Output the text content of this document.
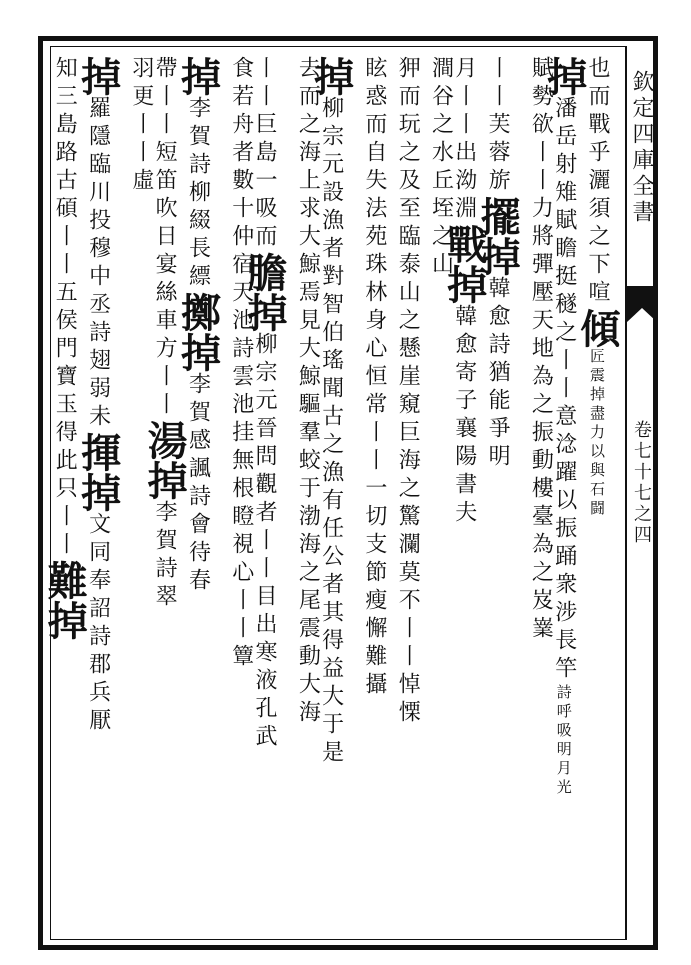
欽定四庫全書
卷七十七之四
也而戰乎灑須之下喧傾匠震掉盡力以與石闘
掉潘岳射雉賦瞻挺穟之丨丨意淰躍以振踊衆涉長竿詩呼吸明月光
賦勢欲丨丨力將彈壓天地為之振動樓臺為之岌嶪
丨丨芙蓉旂擺掉韓愈詩猶能爭明
月丨丨出泑淵戰掉韓愈寄子襄陽書夫
澗谷之水丘垤之山
狎而玩之及至臨泰山之懸崖窺巨海之驚瀾莫不丨丨悼慄
眩惑而自失法苑珠林身心恒常丨丨一切支節瘦懈難攝
掉柳宗元設漁者對智伯瑤聞古之漁有任公者其得益大于是
去而之海上求大鯨焉見大鯨驅羣蛟于渤海之尾震動大海
丨丨巨島一吸而膽掉柳宗元晉問觀者丨丨目出寒液孔武
食若舟者數十仲宿天池詩雲池挂無根瞪視心丨丨簟
掉李賀詩柳綴長縹擲掉李賀感諷詩會待春
帶丨丨短笛吹日宴絲車方丨丨湯掉李賀詩翠
羽更丨丨虛
掉羅隱臨川投穆中丞詩翅弱未揮掉文同奉詔詩郡兵厭
知三島路古碩丨丨五侯門寶玉得此只丨丨難掉
